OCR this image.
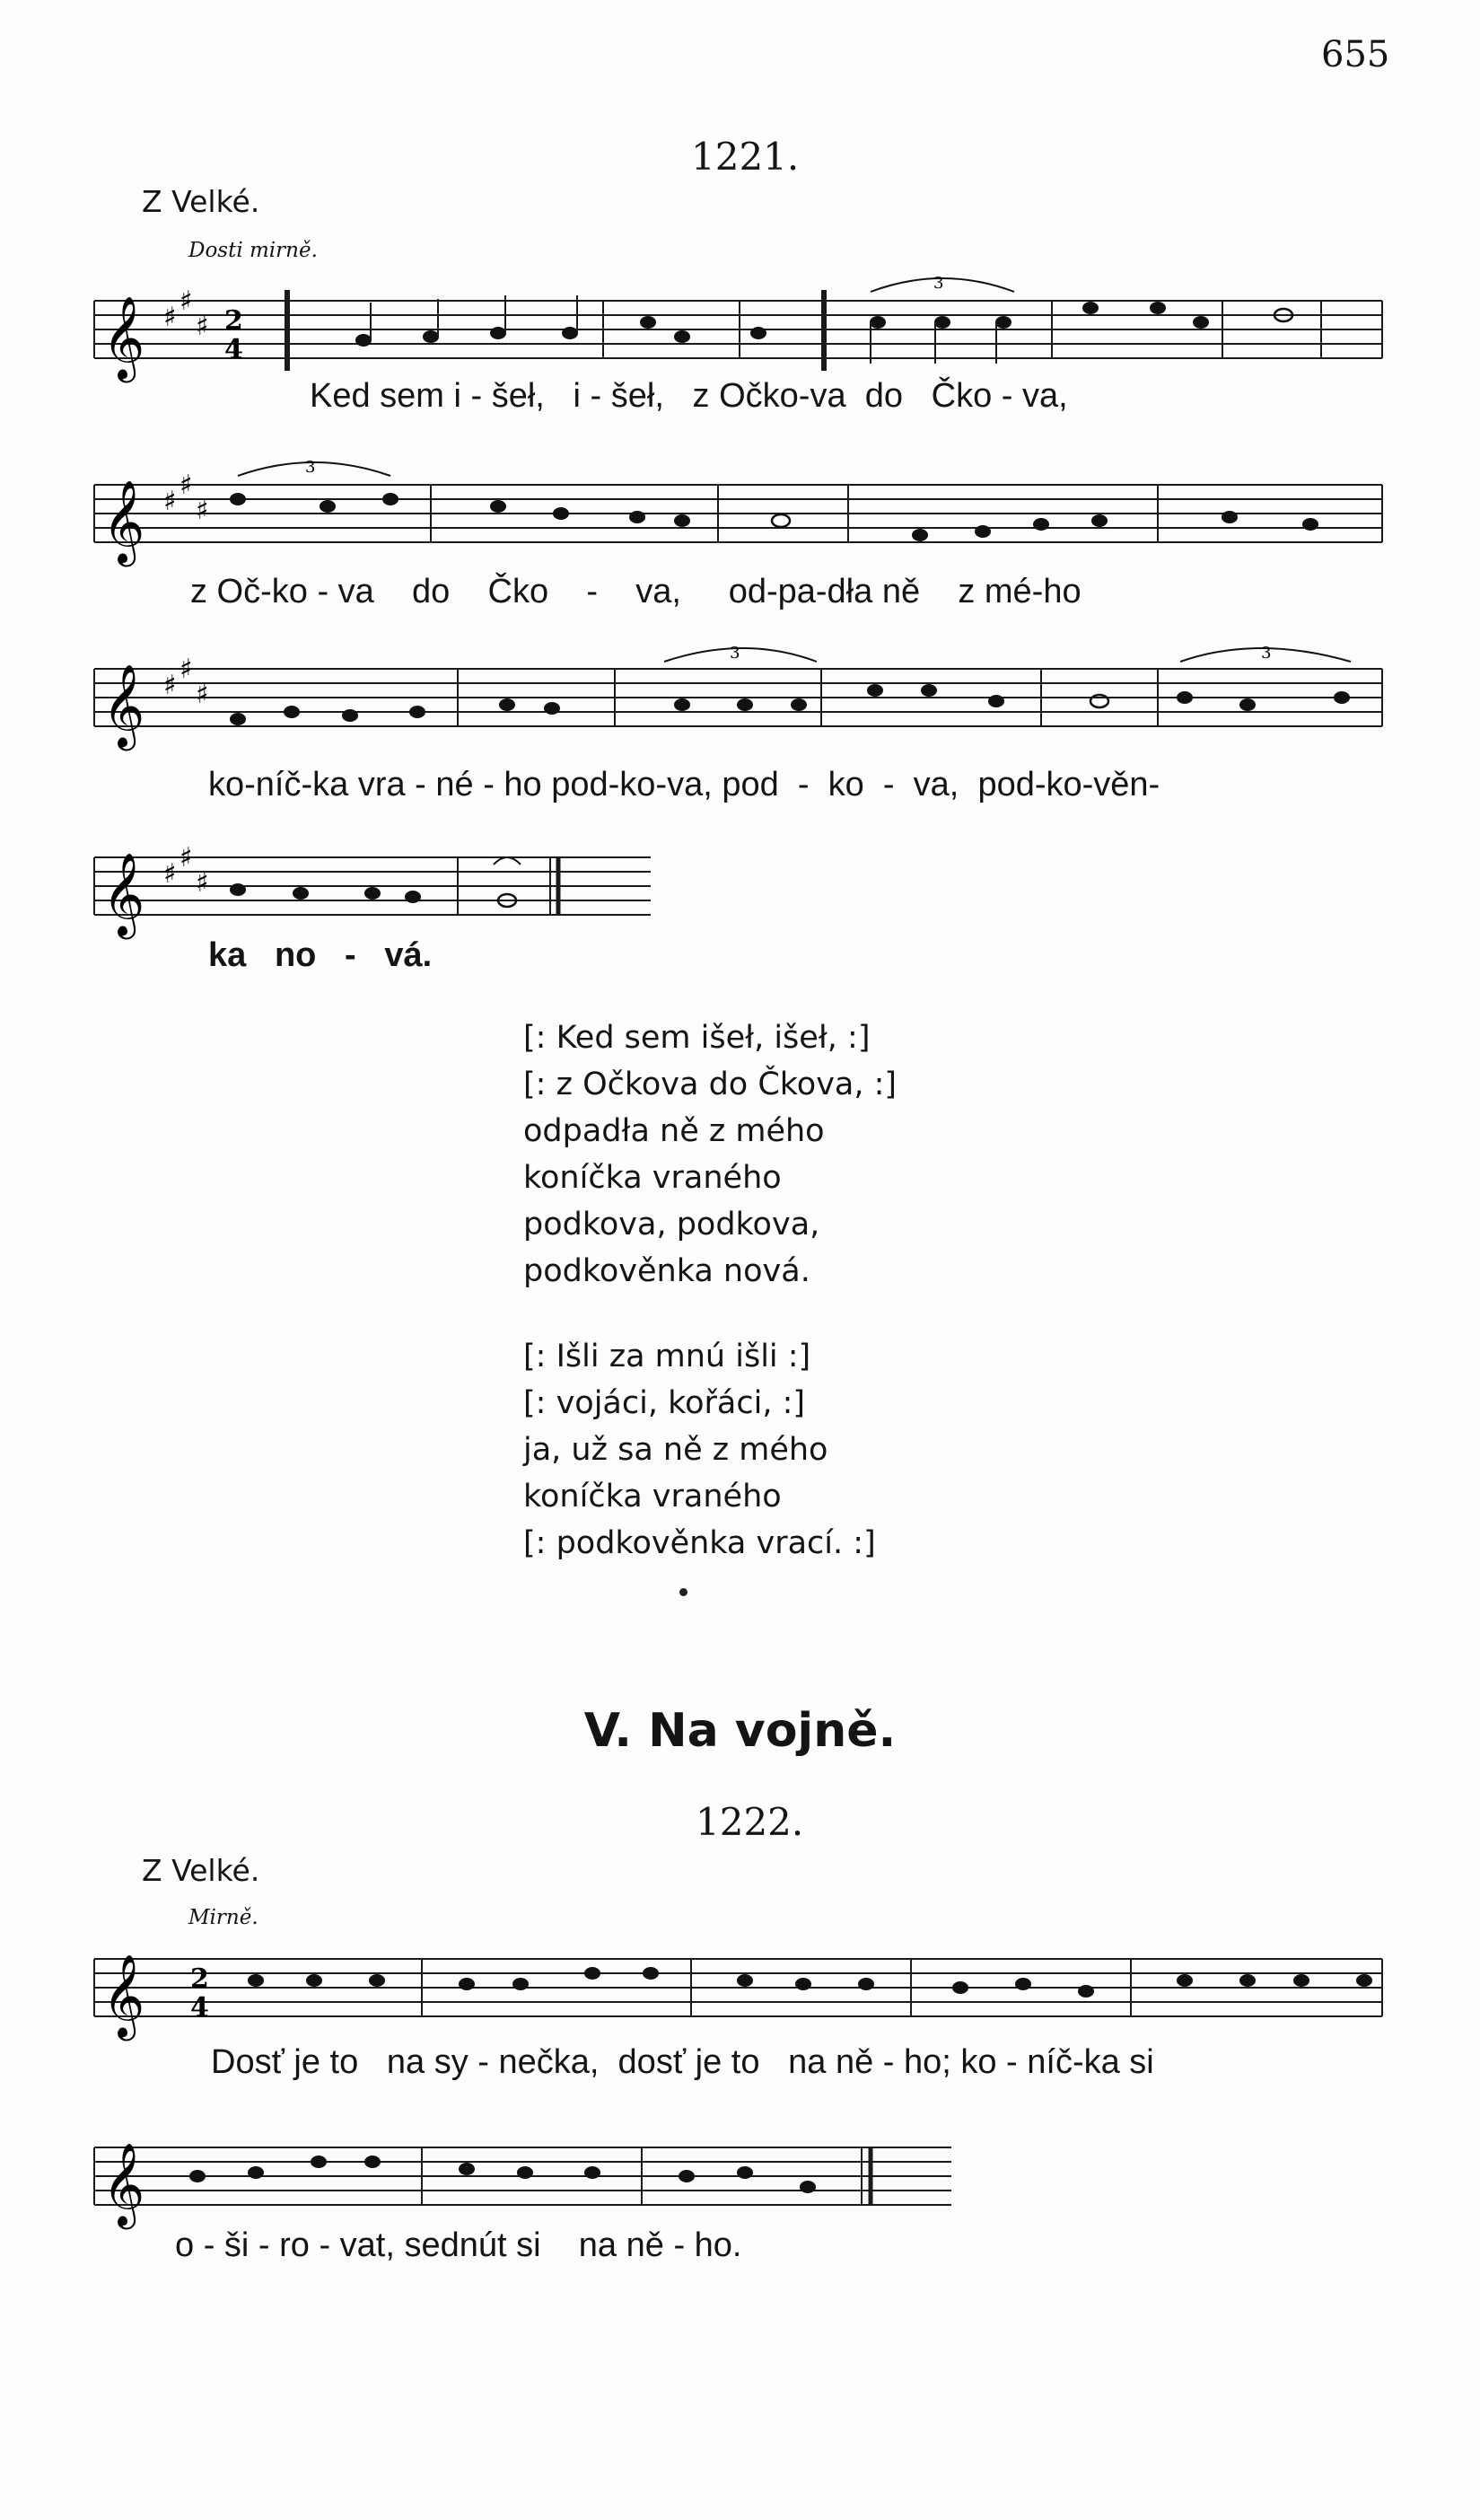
655
1221.
Z Velké.
Dosti mirně.
𝄞 ♯
♯
♯ 2
4
3
Ked sem i - šeł,   i - šeł,   z Očko-va  do   Čko - va,
𝄞 ♯
♯
♯
3
z Oč-ko - va    do    Čko    -    va,     od-pa-dła ně    z mé-ho
𝄞 ♯
♯
♯
3	3
ko-níč-ka vra - né - ho pod-ko-va, pod  -  ko  -  va,  pod-ko-věn-
𝄞 ♯
♯
♯
ka   no   -   vá.
[: Ked sem išeł, išeł, :]
[: z Očkova do Čkova, :]
odpadła ně z mého
koníčka vraného
podkova, podkova,
podkověnka nová.
[: Išli za mnú išli :]
[: vojáci, kořáci, :]
ja, už sa ně z mého
koníčka vraného
[: podkověnka vrací. :]
V. Na vojně.
1222.
Z Velké.
Mirně.
𝄞 2
4
Dosť je to   na sy - nečka,  dosť je to   na ně - ho; ko - níč-ka si
𝄞
o - ši - ro - vat, sednút si    na ně - ho.
